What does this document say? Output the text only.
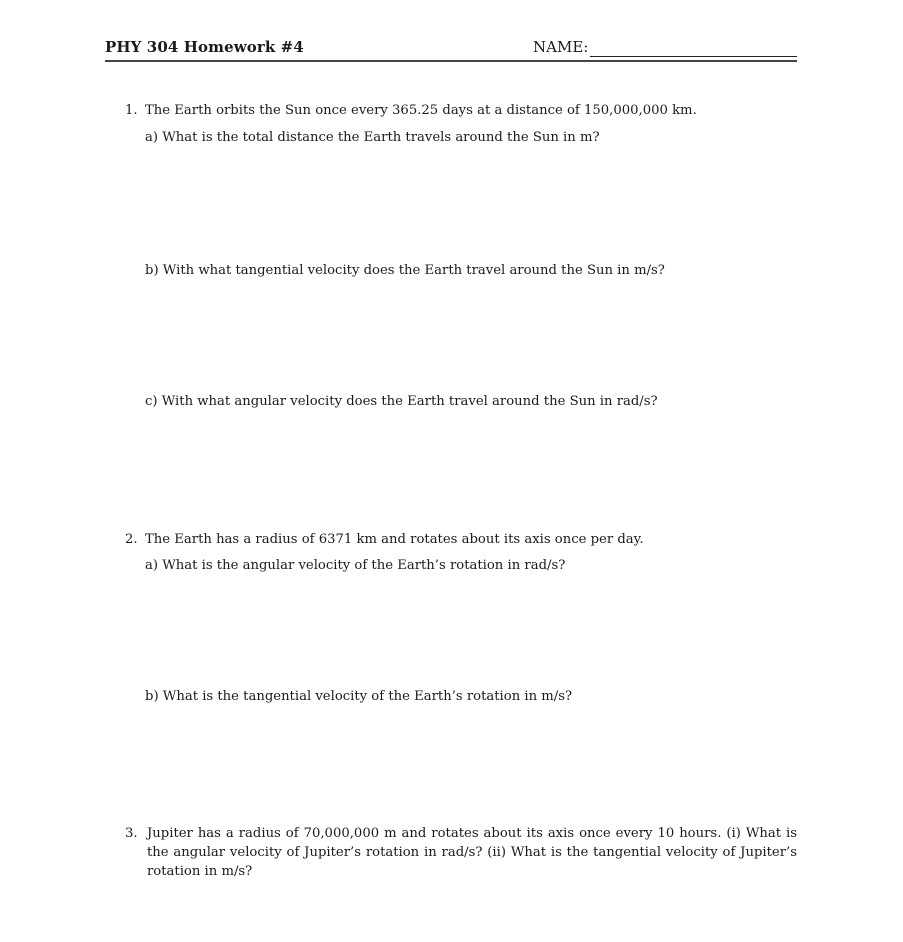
PHY 304 Homework #4	NAME:
1. The Earth orbits the Sun once every 365.25 days at a distance of 150,000,000 km.
a) What is the total distance the Earth travels around the Sun in m?
b) With what tangential velocity does the Earth travel around the Sun in m/s?
c) With what angular velocity does the Earth travel around the Sun in rad/s?
2. The Earth has a radius of 6371 km and rotates about its axis once per day.
a) What is the angular velocity of the Earth’s rotation in rad/s?
b) What is the tangential velocity of the Earth’s rotation in m/s?
3. Jupiter has a radius of 70,000,000 m and rotates about its axis once every 10 hours. (i) What is the angular velocity of Jupiter’s rotation in rad/s? (ii) What is the tangential velocity of Jupiter’s rotation in m/s?
